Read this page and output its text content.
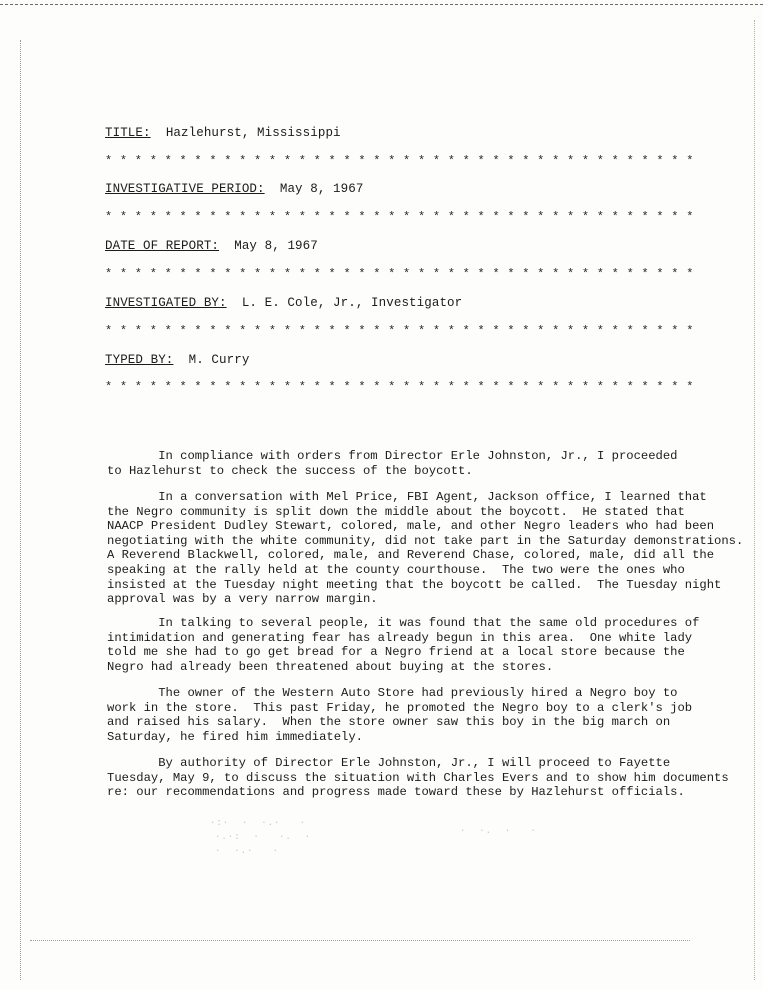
TITLE: Hazlehurst, Mississippi
* * * * * * * * * * * * * * * * * * * * * * * * * * * * * * * * * * * * * * * *
INVESTIGATIVE PERIOD: May 8, 1967
* * * * * * * * * * * * * * * * * * * * * * * * * * * * * * * * * * * * * * * *
DATE OF REPORT: May 8, 1967
* * * * * * * * * * * * * * * * * * * * * * * * * * * * * * * * * * * * * * * *
INVESTIGATED BY: L. E. Cole, Jr., Investigator
* * * * * * * * * * * * * * * * * * * * * * * * * * * * * * * * * * * * * * * *
TYPED BY: M. Curry
* * * * * * * * * * * * * * * * * * * * * * * * * * * * * * * * * * * * * * * *

In compliance with orders from Director Erle Johnston, Jr., I proceeded
to Hazlehurst to check the success of the boycott.

In a conversation with Mel Price, FBI Agent, Jackson office, I learned that
the Negro community is split down the middle about the boycott.  He stated that
NAACP President Dudley Stewart, colored, male, and other Negro leaders who had been
negotiating with the white community, did not take part in the Saturday demonstrations.
A Reverend Blackwell, colored, male, and Reverend Chase, colored, male, did all the
speaking at the rally held at the county courthouse.  The two were the ones who
insisted at the Tuesday night meeting that the boycott be called.  The Tuesday night
approval was by a very narrow margin.

In talking to several people, it was found that the same old procedures of
intimidation and generating fear has already begun in this area.  One white lady
told me she had to go get bread for a Negro friend at a local store because the
Negro had already been threatened about buying at the stores.

The owner of the Western Auto Store had previously hired a Negro boy to
work in the store.  This past Friday, he promoted the Negro boy to a clerk's job
and raised his salary.  When the store owner saw this boy in the big march on
Saturday, he fired him immediately.

By authority of Director Erle Johnston, Jr., I will proceed to Fayette
Tuesday, May 9, to discuss the situation with Charles Evers and to show him documents
re: our recommendations and progress made toward these by Hazlehurst officials.

·:·  ·  ·.·   ·
·.·:  ·   ·.  ·
·  ·.·   ·
·  ·.  ·   ·
